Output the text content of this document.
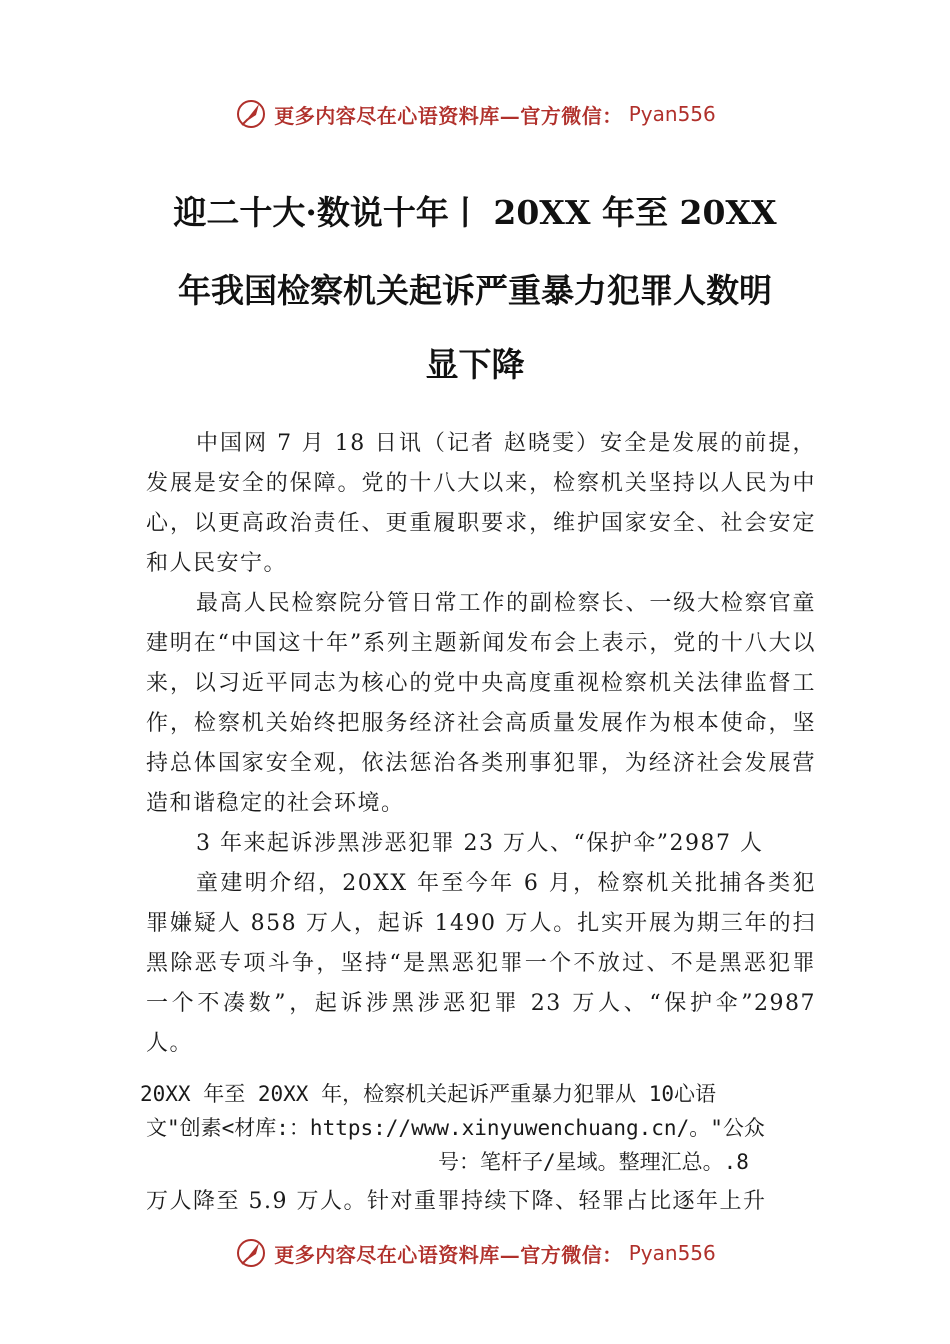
更多内容尽在心语资料库—官方微信： Pyan556
迎二十大·数说十年丨 20XX 年至 20XX
年我国检察机关起诉严重暴力犯罪人数明
显下降
中国网 7 月 18 日讯（记者 赵晓雯）安全是发展的前提，发展是安全的保障。党的十八大以来，检察机关坚持以人民为中心，以更高政治责任、更重履职要求，维护国家安全、社会安定和人民安宁。
最高人民检察院分管日常工作的副检察长、一级大检察官童建明在“中国这十年”系列主题新闻发布会上表示，党的十八大以来，以习近平同志为核心的党中央高度重视检察机关法律监督工作，检察机关始终把服务经济社会高质量发展作为根本使命，坚持总体国家安全观，依法惩治各类刑事犯罪，为经济社会发展营造和谐稳定的社会环境。
3 年来起诉涉黑涉恶犯罪 23 万人、“保护伞”2987 人
童建明介绍，20XX 年至今年 6 月，检察机关批捕各类犯罪嫌疑人 858 万人，起诉 1490 万人。扎实开展为期三年的扫黑除恶专项斗争，坚持“是黑恶犯罪一个不放过、不是黑恶犯罪一个不凑数”，起诉涉黑涉恶犯罪 23 万人、“保护伞”2987 人。
20XX 年至 20XX 年，检察机关起诉严重暴力犯罪从 10心语
文"创素<材库:：https://www.xinyuwenchuang.cn/。"公众
号：笔杆子/星域。整理汇总。.8
万人降至 5.9 万人。针对重罪持续下降、轻罪占比逐年上升
更多内容尽在心语资料库—官方微信： Pyan556
